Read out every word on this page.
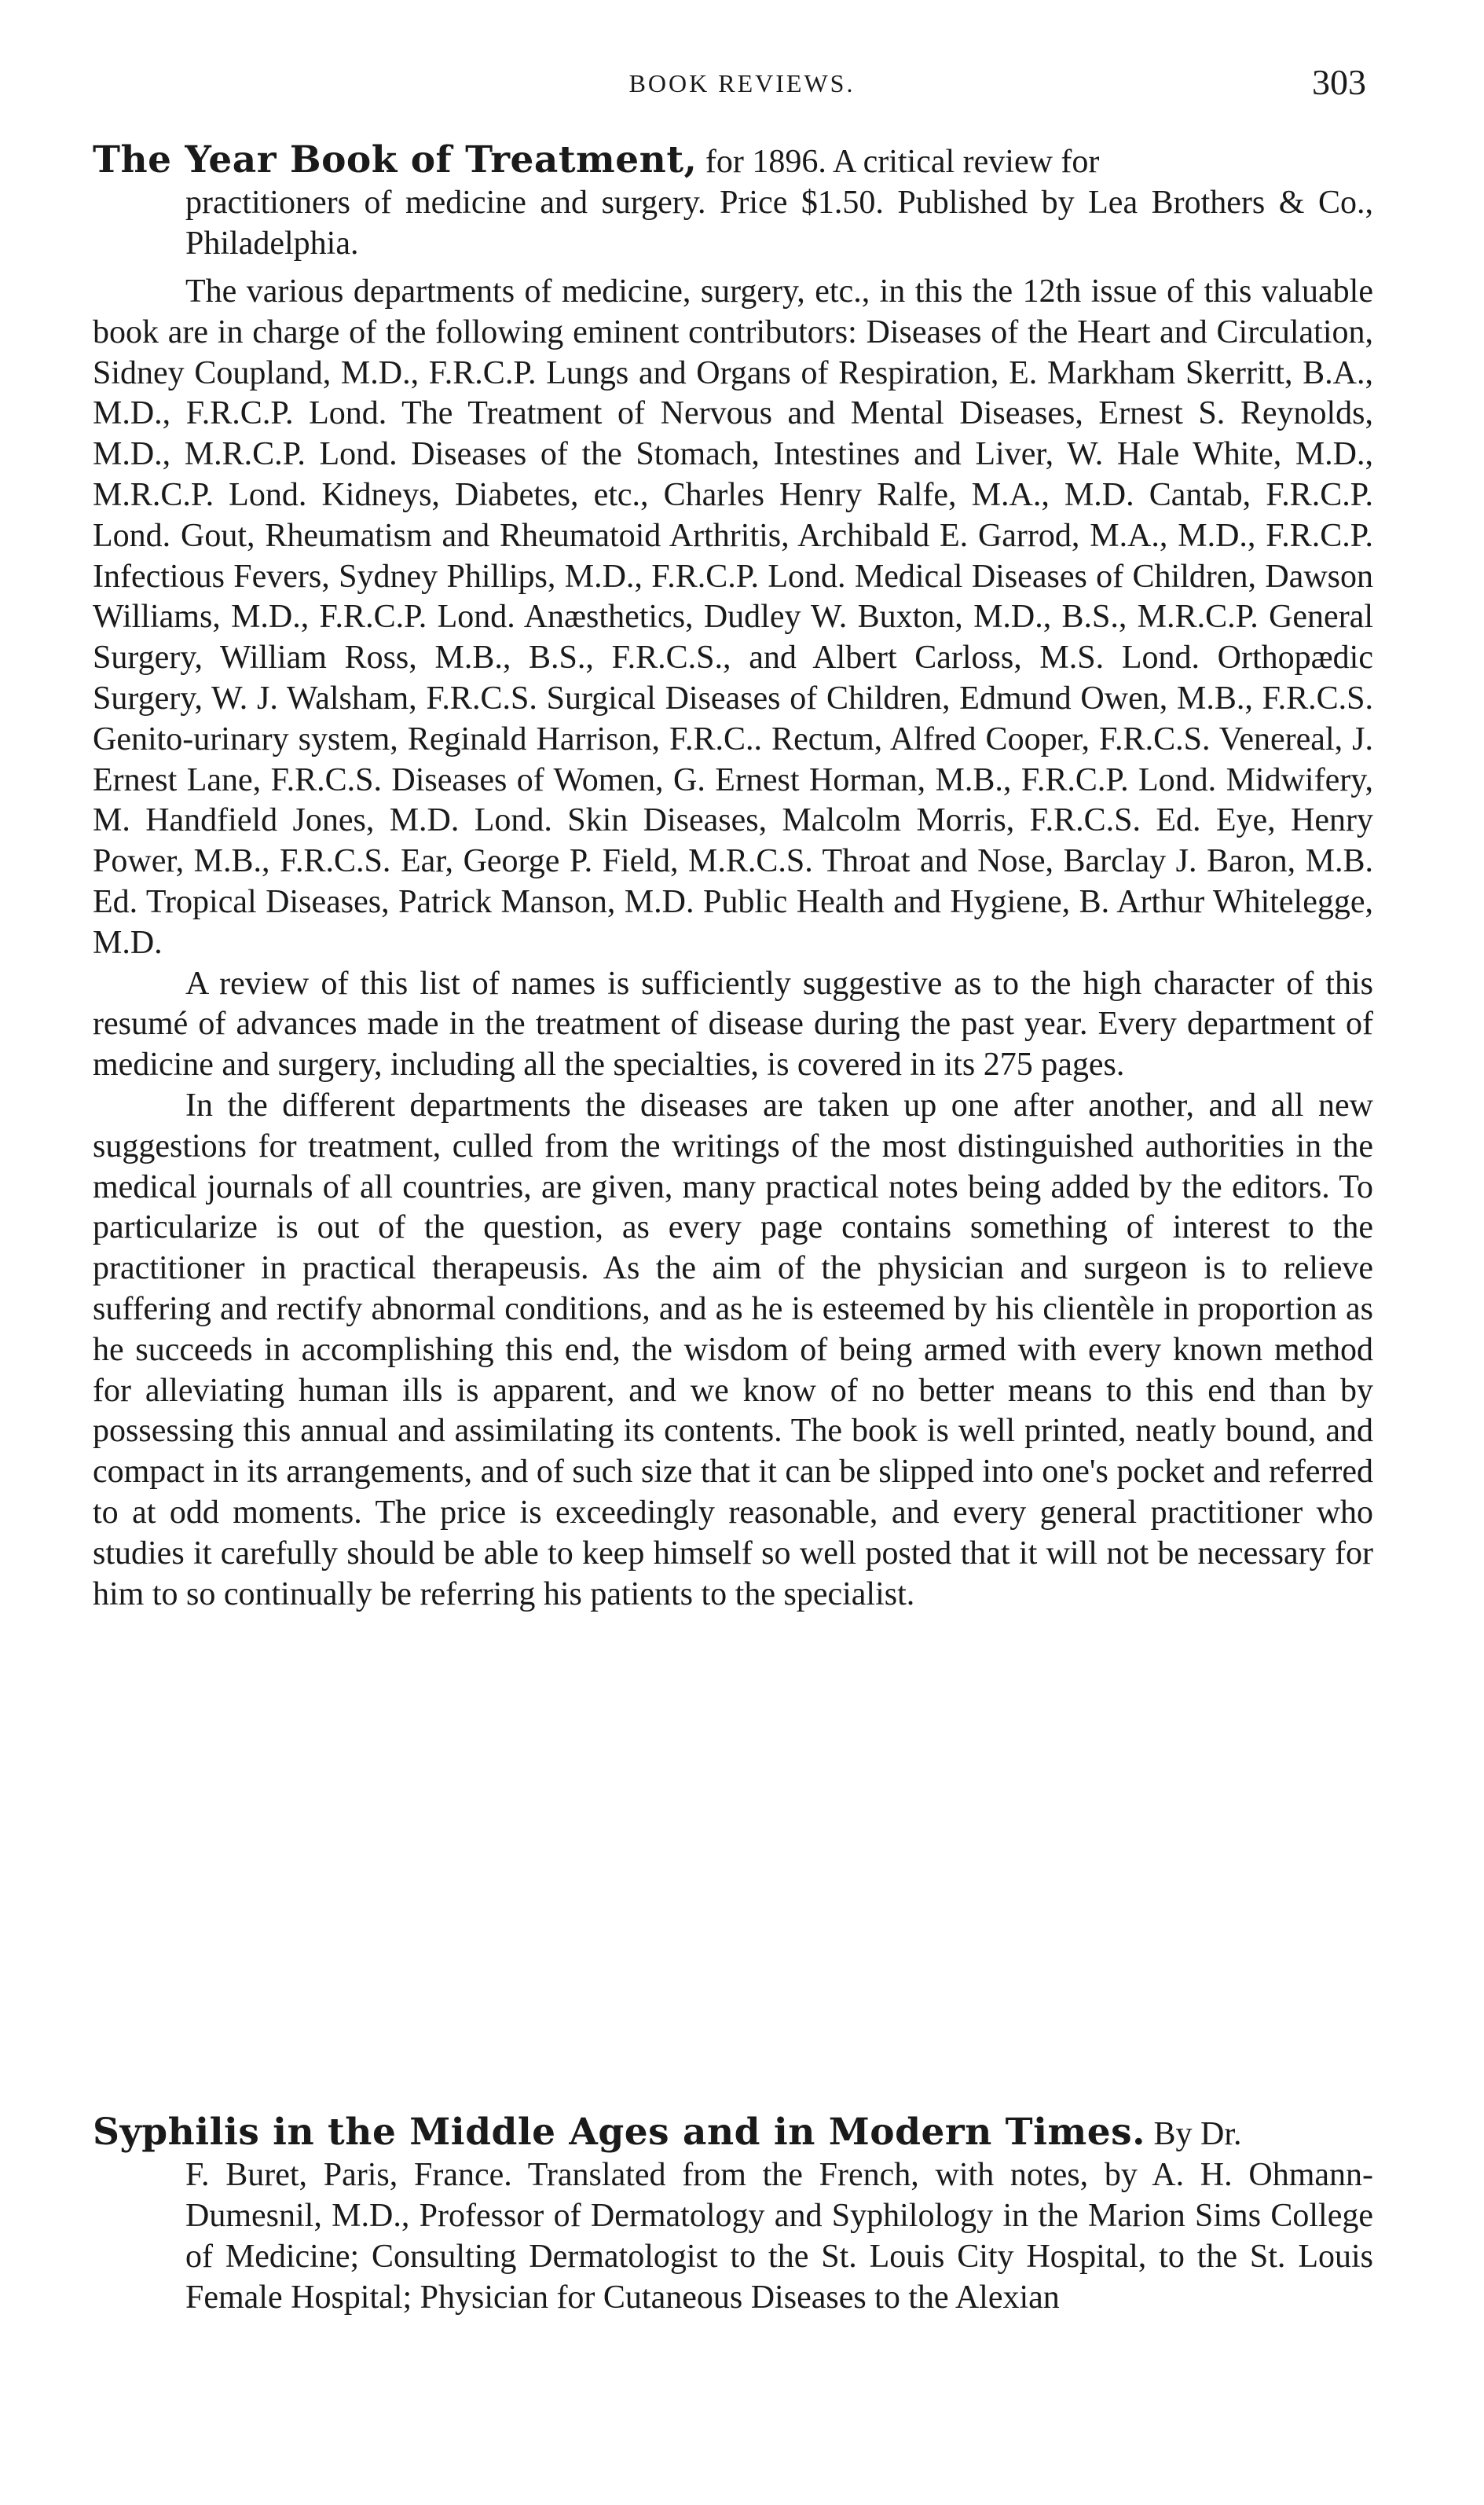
BOOK REVIEWS.	303

The Year Book of Treatment, for 1896. A critical review for

practitioners of medicine and surgery. Price $1.50. Published by Lea Brothers & Co., Philadelphia.

The various departments of medicine, surgery, etc., in this the 12th issue of this valuable book are in charge of the following eminent contributors: Diseases of the Heart and Circulation, Sidney Coupland, M.D., F.R.C.P. Lungs and Organs of Respiration, E. Markham Skerritt, B.A., M.D., F.R.C.P. Lond. The Treatment of Nervous and Mental Diseases, Ernest S. Reynolds, M.D., M.R.C.P. Lond. Diseases of the Stomach, Intestines and Liver, W. Hale White, M.D., M.R.C.P. Lond. Kidneys, Diabetes, etc., Charles Henry Ralfe, M.A., M.D. Cantab, F.R.C.P. Lond. Gout, Rheumatism and Rheumatoid Arthritis, Archibald E. Garrod, M.A., M.D., F.R.C.P. Infectious Fevers, Sydney Phillips, M.D., F.R.C.P. Lond. Medical Diseases of Children, Dawson Williams, M.D., F.R.C.P. Lond. Anæsthetics, Dudley W. Buxton, M.D., B.S., M.R.C.P. General Surgery, William Ross, M.B., B.S., F.R.C.S., and Albert Carloss, M.S. Lond. Orthopædic Surgery, W. J. Walsham, F.R.C.S. Surgical Diseases of Children, Edmund Owen, M.B., F.R.C.S. Genito-urinary system, Reginald Harrison, F.R.C.. Rectum, Alfred Cooper, F.R.C.S. Venereal, J. Ernest Lane, F.R.C.S. Diseases of Women, G. Ernest Horman, M.B., F.R.C.P. Lond. Midwifery, M. Handfield Jones, M.D. Lond. Skin Diseases, Malcolm Morris, F.R.C.S. Ed. Eye, Henry Power, M.B., F.R.C.S. Ear, George P. Field, M.R.C.S. Throat and Nose, Barclay J. Baron, M.B. Ed. Tropical Diseases, Patrick Manson, M.D. Public Health and Hygiene, B. Arthur Whitelegge, M.D.

A review of this list of names is sufficiently suggestive as to the high character of this resumé of advances made in the treatment of disease during the past year. Every department of medicine and surgery, including all the specialties, is covered in its 275 pages.

In the different departments the diseases are taken up one after another, and all new suggestions for treatment, culled from the writings of the most distinguished authorities in the medical journals of all countries, are given, many practical notes being added by the editors. To particularize is out of the question, as every page contains something of interest to the practitioner in practical therapeusis. As the aim of the physician and surgeon is to relieve suffering and rectify abnormal conditions, and as he is esteemed by his clientèle in proportion as he succeeds in accomplishing this end, the wisdom of being armed with every known method for alleviating human ills is apparent, and we know of no better means to this end than by possessing this annual and assimilating its contents. The book is well printed, neatly bound, and compact in its arrangements, and of such size that it can be slipped into one's pocket and referred to at odd moments. The price is exceedingly reasonable, and every general practitioner who studies it carefully should be able to keep himself so well posted that it will not be necessary for him to so continually be referring his patients to the specialist.

Syphilis in the Middle Ages and in Modern Times. By Dr.

F. Buret, Paris, France. Translated from the French, with notes, by A. H. Ohmann-Dumesnil, M.D., Professor of Dermatology and Syphilology in the Marion Sims College of Medicine; Consulting Dermatologist to the St. Louis City Hospital, to the St. Louis Female Hospital; Physician for Cutaneous Diseases to the Alexian
